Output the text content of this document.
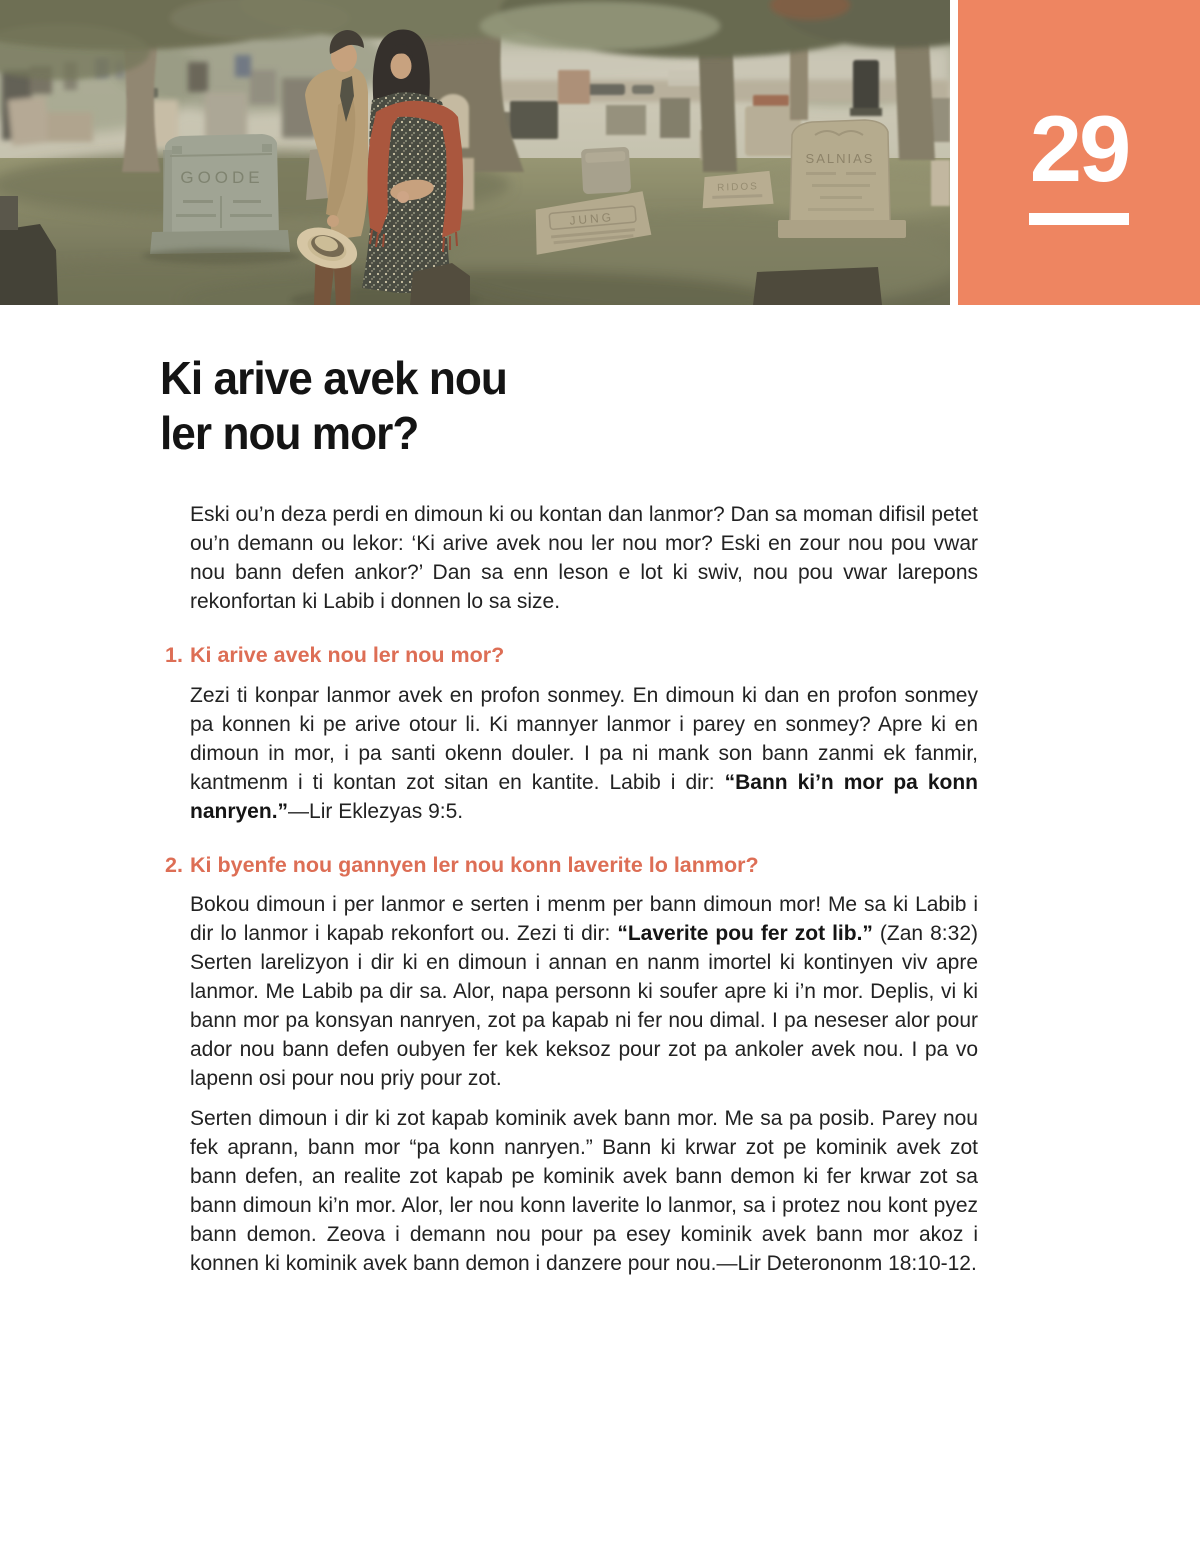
SALNIAS
RIDOS
JUNG
GOODE	29
Ki arive avek nou
ler nou mor?

Eski ou’n deza perdi en dimoun ki ou kontan dan lanmor? Dan sa moman difisil petet ou’n demann ou lekor: ‘Ki arive avek nou ler nou mor? Eski en zour nou pou vwar nou bann defen ankor?’ Dan sa enn leson e lot ki swiv, nou pou vwar larepons rekonfortan ki Labib i donnen lo sa size.

1. Ki arive avek nou ler nou mor?

Zezi ti konpar lanmor avek en profon sonmey. En dimoun ki dan en profon sonmey pa konnen ki pe arive otour li. Ki mannyer lanmor i parey en sonmey? Apre ki en dimoun in mor, i pa santi okenn douler. I pa ni mank son bann zanmi ek fanmir, kantmenm i ti kontan zot sitan en kantite. Labib i dir: “Bann ki’n mor pa konn nanryen.”—Lir Eklezyas 9:5.

2. Ki byenfe nou gannyen ler nou konn laverite lo lanmor?

Bokou dimoun i per lanmor e serten i menm per bann dimoun mor! Me sa ki Labib i dir lo lanmor i kapab rekonfort ou. Zezi ti dir: “Laverite pou fer zot lib.” (Zan 8:32) Serten larelizyon i dir ki en dimoun i annan en nanm imortel ki kontinyen viv apre lanmor. Me Labib pa dir sa. Alor, napa personn ki soufer apre ki i’n mor. Deplis, vi ki bann mor pa konsyan nanryen, zot pa kapab ni fer nou dimal. I pa neseser alor pour ador nou bann defen oubyen fer kek keksoz pour zot pa ankoler avek nou. I pa vo lapenn osi pour nou priy pour zot.

Serten dimoun i dir ki zot kapab kominik avek bann mor. Me sa pa posib. Parey nou fek aprann, bann mor “pa konn nanryen.” Bann ki krwar zot pe kominik avek zot bann defen, an realite zot kapab pe kominik avek bann demon ki fer krwar zot sa bann dimoun ki’n mor. Alor, ler nou konn laverite lo lanmor, sa i protez nou kont pyez bann demon. Zeova i demann nou pour pa esey kominik avek bann mor akoz i konnen ki kominik avek bann demon i danzere pour nou.—Lir Deterononm 18:10-12.
